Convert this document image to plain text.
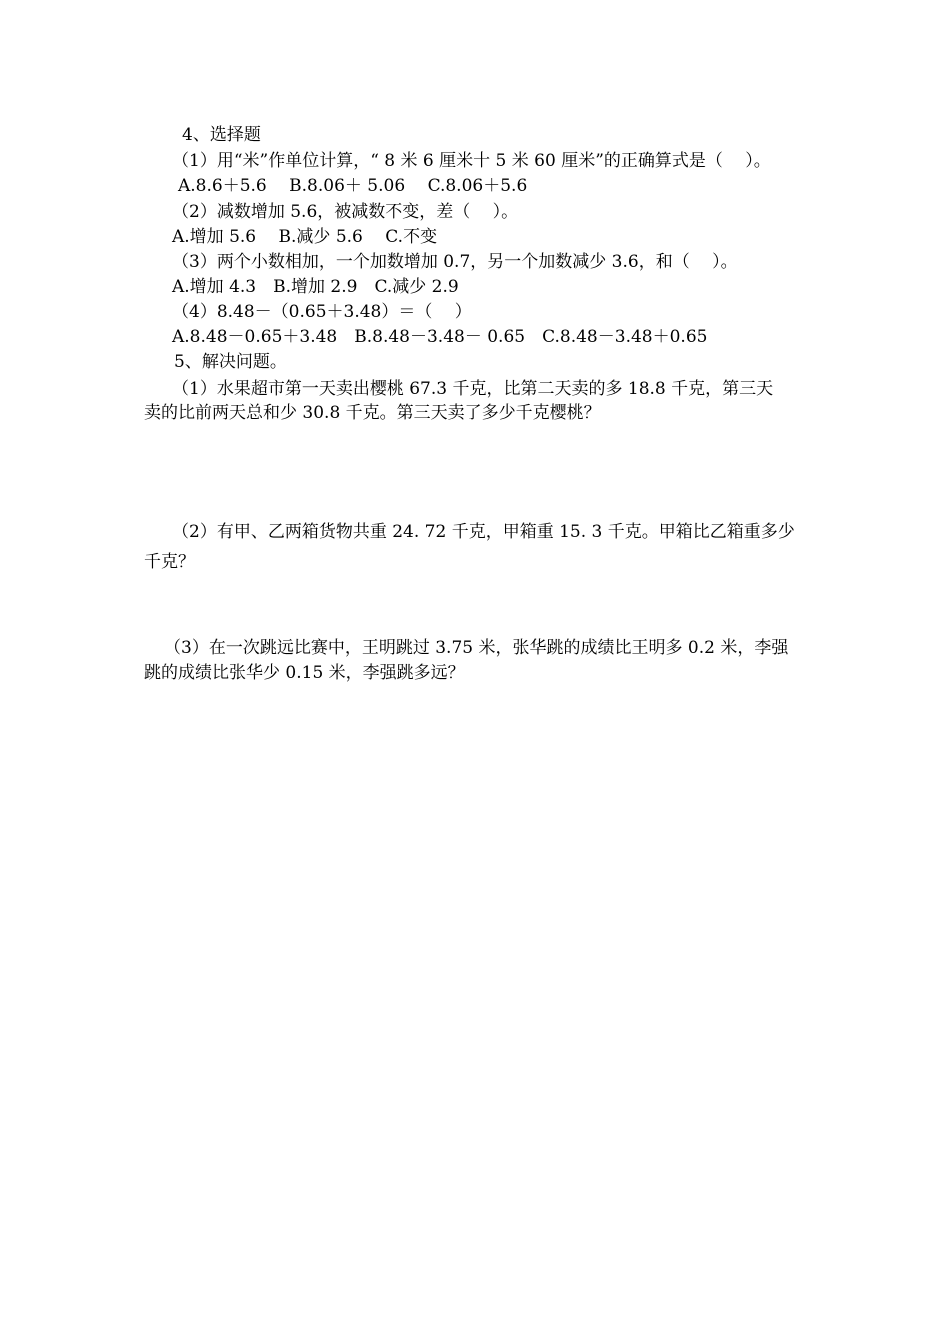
4、选择题
（1）用“米”作单位计算，“ 8 米 6 厘米十 5 米 60 厘米”的正确算式是（　 ）。
A.8.6＋5.6　 B.8.06＋ 5.06　 C.8.06＋5.6
（2）减数增加 5.6，被减数不变，差（　 ）。
A.增加 5.6　 B.减少 5.6　 C.不变
（3）两个小数相加，一个加数增加 0.7，另一个加数减少 3.6，和（　 ）。
A.增加 4.3　B.增加 2.9　C.减少 2.9
（4）8.48－（0.65＋3.48）＝（　 ）
A.8.48－0.65＋3.48　B.8.48－3.48－ 0.65　C.8.48－3.48＋0.65
5、解决问题。
（1）水果超市第一天卖出樱桃 67.3 千克，比第二天卖的多 18.8 千克，第三天
卖的比前两天总和少 30.8 千克。第三天卖了多少千克樱桃？
（2）有甲、乙两箱货物共重 24. 72 千克，甲箱重 15. 3 千克。甲箱比乙箱重多少
千克？
（3）在一次跳远比赛中，王明跳过 3.75 米，张华跳的成绩比王明多 0.2 米，李强
跳的成绩比张华少 0.15 米，李强跳多远？
